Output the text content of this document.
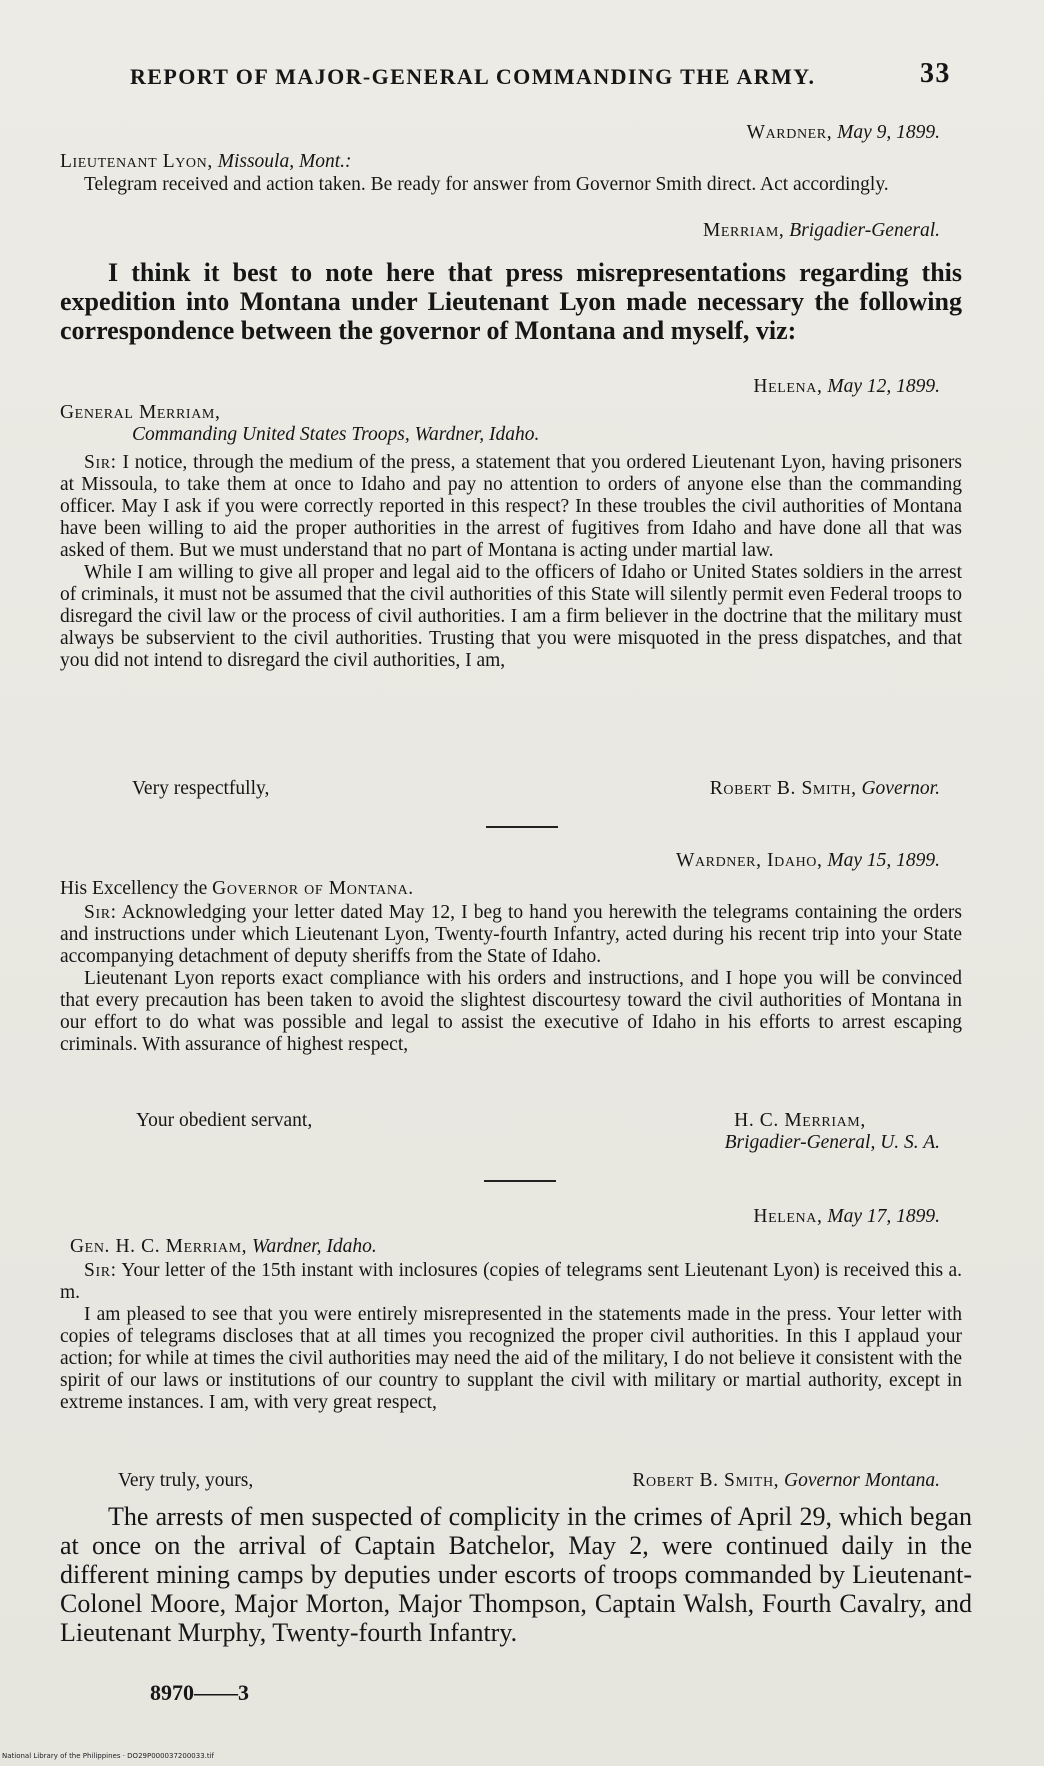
REPORT OF MAJOR-GENERAL COMMANDING THE ARMY.	33
Wardner, May 9, 1899.
Lieutenant Lyon, Missoula, Mont.:
Telegram received and action taken. Be ready for answer from Governor Smith direct. Act accordingly.
Merriam, Brigadier-General.
I think it best to note here that press misrepresentations regarding this expedition into Montana under Lieutenant Lyon made necessary the following correspondence between the governor of Montana and myself, viz:
Helena, May 12, 1899.
General Merriam,
Commanding United States Troops, Wardner, Idaho.
Sir: I notice, through the medium of the press, a statement that you ordered Lieutenant Lyon, having prisoners at Missoula, to take them at once to Idaho and pay no attention to orders of anyone else than the commanding officer. May I ask if you were correctly reported in this respect? In these troubles the civil authorities of Montana have been willing to aid the proper authorities in the arrest of fugitives from Idaho and have done all that was asked of them. But we must understand that no part of Montana is acting under martial law.
While I am willing to give all proper and legal aid to the officers of Idaho or United States soldiers in the arrest of criminals, it must not be assumed that the civil authorities of this State will silently permit even Federal troops to disregard the civil law or the process of civil authorities. I am a firm believer in the doctrine that the military must always be subservient to the civil authorities. Trusting that you were misquoted in the press dispatches, and that you did not intend to disregard the civil authorities, I am,
Very respectfully,	Robert B. Smith, Governor.
Wardner, Idaho, May 15, 1899.
His Excellency the Governor of Montana.
Sir: Acknowledging your letter dated May 12, I beg to hand you herewith the telegrams containing the orders and instructions under which Lieutenant Lyon, Twenty-fourth Infantry, acted during his recent trip into your State accompanying detachment of deputy sheriffs from the State of Idaho.
Lieutenant Lyon reports exact compliance with his orders and instructions, and I hope you will be convinced that every precaution has been taken to avoid the slightest discourtesy toward the civil authorities of Montana in our effort to do what was possible and legal to assist the executive of Idaho in his efforts to arrest escaping criminals. With assurance of highest respect,
Your obedient servant,	H. C. Merriam,
Brigadier-General, U. S. A.
Helena, May 17, 1899.
Gen. H. C. Merriam, Wardner, Idaho.
Sir: Your letter of the 15th instant with inclosures (copies of telegrams sent Lieutenant Lyon) is received this a. m.
I am pleased to see that you were entirely misrepresented in the statements made in the press. Your letter with copies of telegrams discloses that at all times you recognized the proper civil authorities. In this I applaud your action; for while at times the civil authorities may need the aid of the military, I do not believe it consistent with the spirit of our laws or institutions of our country to supplant the civil with military or martial authority, except in extreme instances. I am, with very great respect,
Very truly, yours,	Robert B. Smith, Governor Montana.
The arrests of men suspected of complicity in the crimes of April 29, which began at once on the arrival of Captain Batchelor, May 2, were continued daily in the different mining camps by deputies under escorts of troops commanded by Lieutenant-Colonel Moore, Major Morton, Major Thompson, Captain Walsh, Fourth Cavalry, and Lieutenant Murphy, Twenty-fourth Infantry.
8970——3
National Library of the Philippines · DO29P000037200033.tif
